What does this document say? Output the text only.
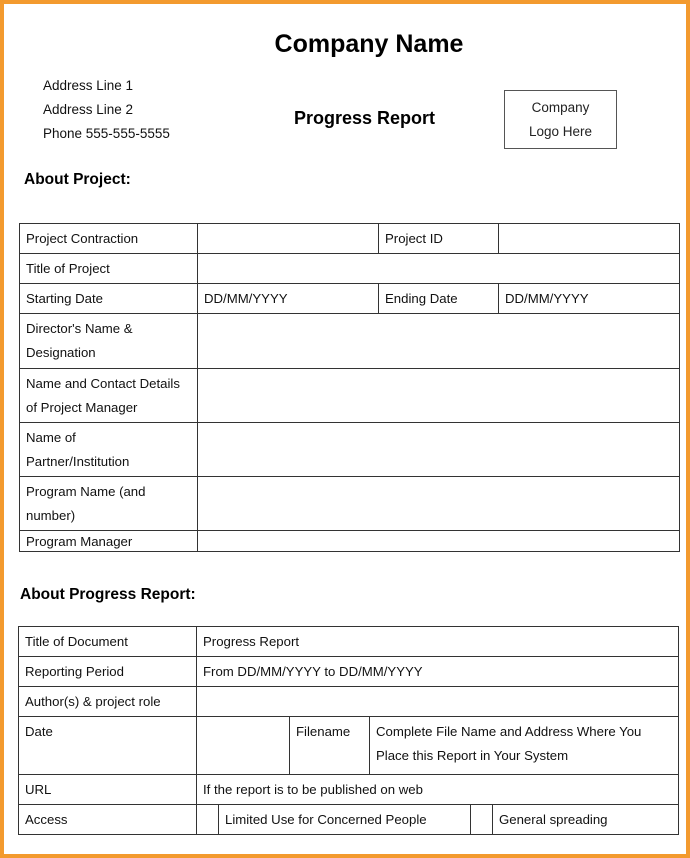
Company Name
Address Line 1
Address Line 2
Phone 555-555-5555
Progress Report
Company
Logo Here
About Project:
Project Contraction		Project ID	
Title of Project			
Starting Date	DD/MM/YYYY	Ending Date	DD/MM/YYYY

Director's Name &
Designation			

Name and Contact Details
of Project Manager			

Name of
Partner/Institution			

Program Name (and
number)			

Program Manager			
About Progress Report:
Title of Document	Progress Report					
Reporting Period	From DD/MM/YYYY to DD/MM/YYYY					
Author(s) & project role						
Date			Filename	Complete File Name and Address Where You
Place this Report in Your System		

URL	If the report is to be published on web					
Access		Limited Use for Concerned People				General spreading
